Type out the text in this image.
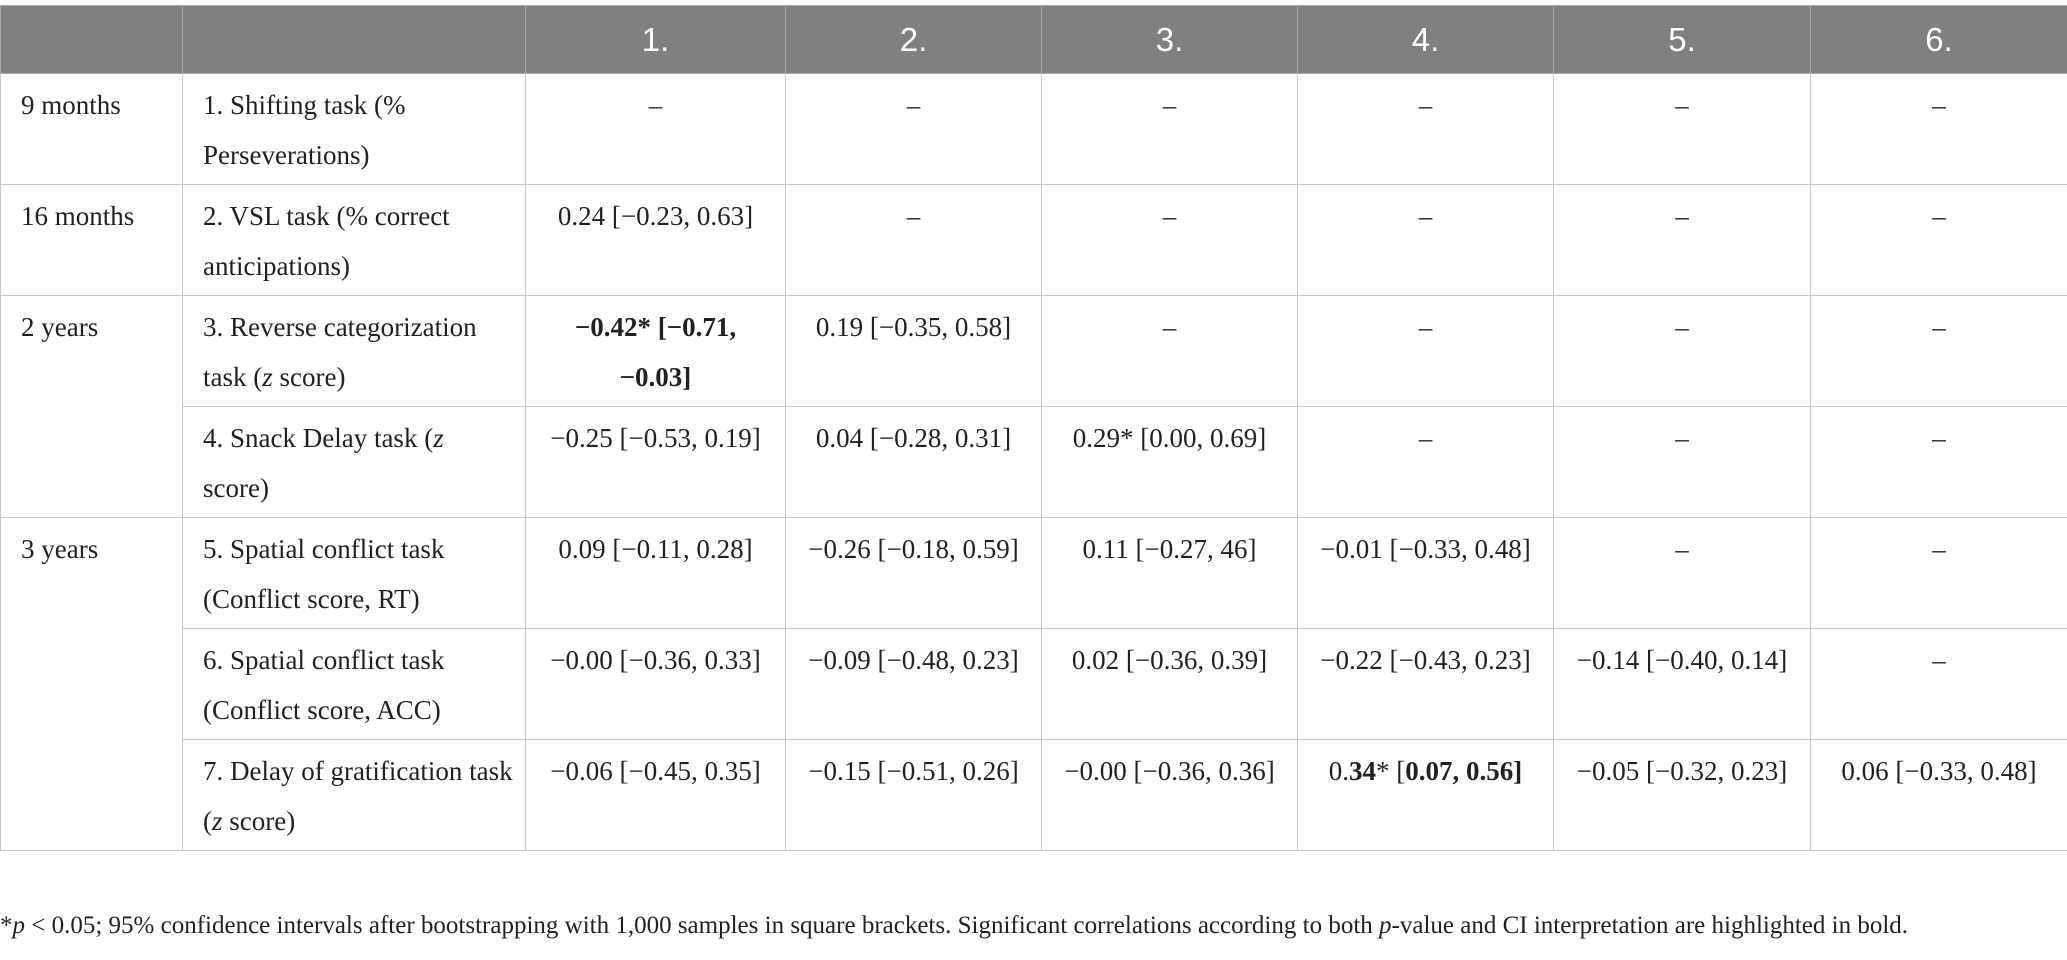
		1.	2.	3.	4.	5.	6.
9 months	1. Shifting task (% Perseverations)	–	–	–	–	–	–
16 months	2. VSL task (% correct anticipations)	0.24 [−0.23, 0.63]	–	–	–	–	–
2 years	3. Reverse categorization task (z score)	−0.42* [−0.71, −0.03]	0.19 [−0.35, 0.58]	–	–	–	–
	4. Snack Delay task (z score)	−0.25 [−0.53, 0.19]	0.04 [−0.28, 0.31]	0.29* [0.00, 0.69]	–	–	–
3 years	5. Spatial conflict task (Conflict score, RT)	0.09 [−0.11, 0.28]	−0.26 [−0.18, 0.59]	0.11 [−0.27, 46]	−0.01 [−0.33, 0.48]	–	–
	6. Spatial conflict task (Conflict score, ACC)	−0.00 [−0.36, 0.33]	−0.09 [−0.48, 0.23]	0.02 [−0.36, 0.39]	−0.22 [−0.43, 0.23]	−0.14 [−0.40, 0.14]	–
	7. Delay of gratification task (z score)	−0.06 [−0.45, 0.35]	−0.15 [−0.51, 0.26]	−0.00 [−0.36, 0.36]	0.34* [0.07, 0.56]	−0.05 [−0.32, 0.23]	0.06 [−0.33, 0.48]
*p < 0.05; 95% confidence intervals after bootstrapping with 1,000 samples in square brackets. Significant correlations according to both p-value and CI interpretation are highlighted in bold.
